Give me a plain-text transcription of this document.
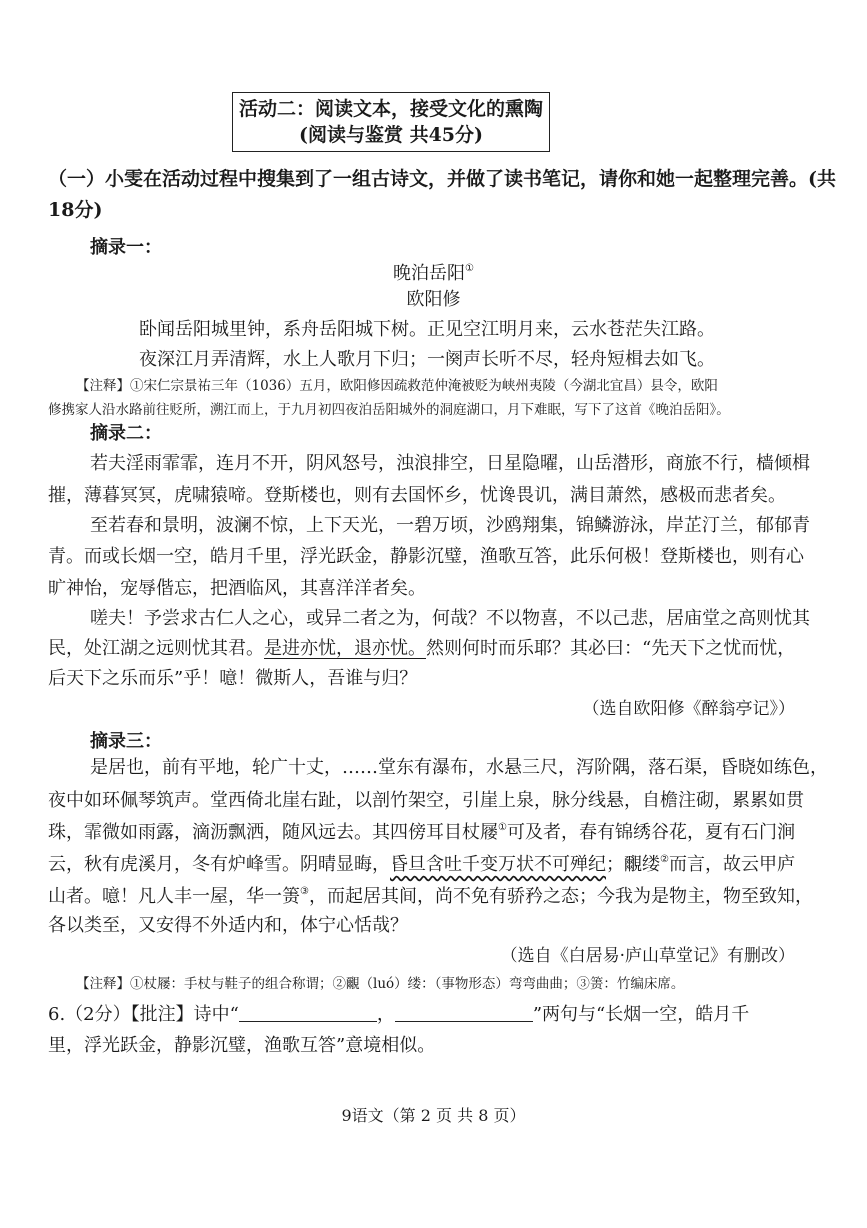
活动二：阅读文本，接受文化的熏陶
(阅读与鉴赏 共45分)
（一）小雯在活动过程中搜集到了一组古诗文，并做了读书笔记，请你和她一起整理完善。(共
18分)
摘录一：
晚泊岳阳①
欧阳修
卧闻岳阳城里钟，系舟岳阳城下树。正见空江明月来，云水苍茫失江路。
夜深江月弄清辉，水上人歌月下归；一阕声长听不尽，轻舟短楫去如飞。
【注释】①宋仁宗景祐三年（1036）五月，欧阳修因疏救范仲淹被贬为峡州夷陵（今湖北宜昌）县令，欧阳
修携家人沿水路前往贬所，溯江而上，于九月初四夜泊岳阳城外的洞庭湖口，月下难眠，写下了这首《晚泊岳阳》。
摘录二：
若夫淫雨霏霏，连月不开，阴风怒号，浊浪排空，日星隐曜，山岳潜形，商旅不行，樯倾楫
摧，薄暮冥冥，虎啸猿啼。登斯楼也，则有去国怀乡，忧谗畏讥，满目萧然，感极而悲者矣。
至若春和景明，波澜不惊，上下天光，一碧万顷，沙鸥翔集，锦鳞游泳，岸芷汀兰，郁郁青
青。而或长烟一空，皓月千里，浮光跃金，静影沉璧，渔歌互答，此乐何极！登斯楼也，则有心
旷神怡，宠辱偕忘，把酒临风，其喜洋洋者矣。
嗟夫！予尝求古仁人之心，或异二者之为，何哉？不以物喜，不以己悲，居庙堂之高则忧其
民，处江湖之远则忧其君。是进亦忧，退亦忧。然则何时而乐耶？其必曰：“先天下之忧而忧，
后天下之乐而乐”乎！噫！微斯人，吾谁与归？
（选自欧阳修《醉翁亭记》）
摘录三：
是居也，前有平地，轮广十丈，……堂东有瀑布，水悬三尺，泻阶隅，落石渠，昏晓如练色，
夜中如环佩琴筑声。堂西倚北崖右趾，以剖竹架空，引崖上泉，脉分线悬，自檐注砌，累累如贯
珠，霏微如雨露，滴沥飘洒，随风远去。其四傍耳目杖屦①可及者，春有锦绣谷花，夏有石门涧
云，秋有虎溪月，冬有炉峰雪。阴晴显晦，昏旦含吐千变万状不可殚纪；覼缕②而言，故云甲庐
山者。噫！凡人丰一屋，华一箦③，而起居其间，尚不免有骄矜之态；今我为是物主，物至致知，
各以类至，又安得不外适内和，体宁心恬哉？
（选自《白居易·庐山草堂记》有删改）
【注释】①杖屦：手杖与鞋子的组合称谓；②覼（luó）缕：（事物形态）弯弯曲曲；③箦：竹编床席。
6.（2分）【批注】诗中“	，	”两句与“长烟一空，皓月千
里，浮光跃金，静影沉璧，渔歌互答”意境相似。
9语文（第 2 页 共 8 页）
